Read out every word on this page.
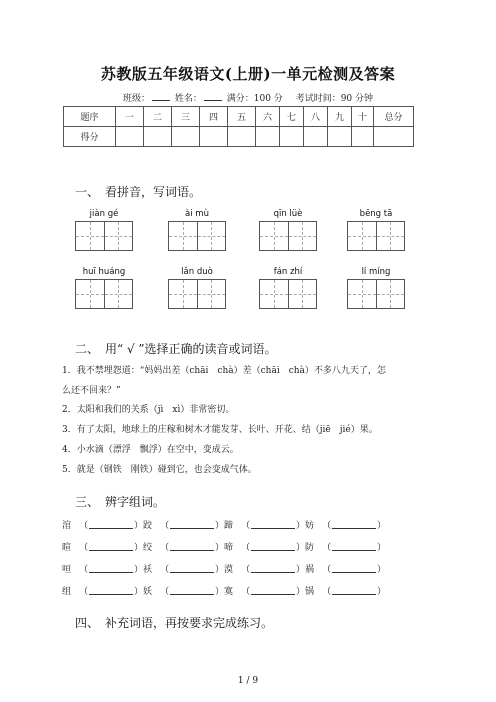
苏教版五年级语文(上册)一单元检测及答案
班级：	姓名：	满分：100 分 考试时间：90 分钟
题序	一	二	三	四	五	六	七	八	九	十	总分
得分											
一、 看拼音，写词语。
jiàn gé	ài mù	qīn lüè	bēng tā
huī huáng	lǎn duò	fán zhí	lí míng
二、 用“ √ ”选择正确的读音或词语。
1．我不禁埋怨道：“妈妈出差（chāi　chà）差（chāi　chà）不多八九天了，怎
么还不回来？”
2．太阳和我们的关系（jì　xì）非常密切。
3．有了太阳，地球上的庄稼和树木才能发芽、长叶、开花、结（jiē　jié）果。
4．小水滴（漂浮　飘浮）在空中，变成云。
5．就是（钢铁　刚铁）碰到它，也会变成气体。
三、 辨字组词。
涫 （	） 跤 （	） 蹄 （	） 妨 （	）
暄 （	） 绞 （	） 啼 （	） 防 （	）
咺 （	） 袄 （	） 漠 （	） 祸 （	）
组 （	） 妖 （	） 寞 （	） 锅 （	）
四、 补充词语，再按要求完成练习。
1 / 9
